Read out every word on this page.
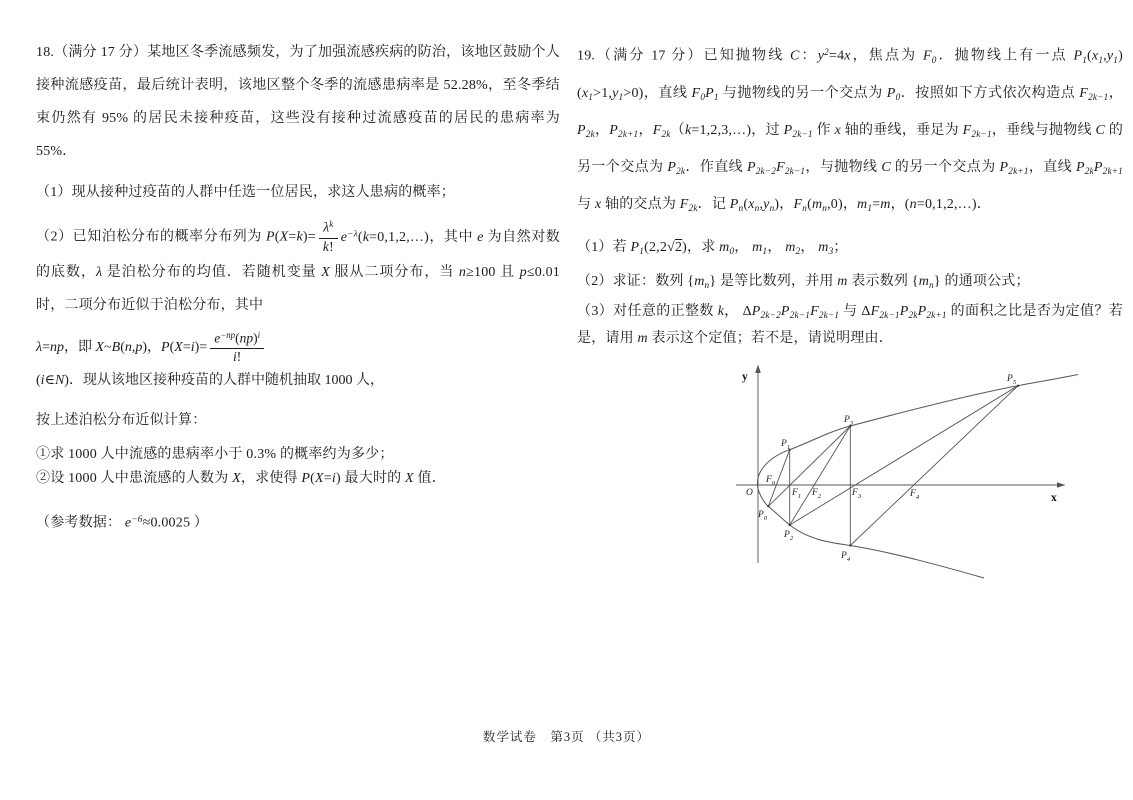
18.（满分 17 分）某地区冬季流感频发，为了加强流感疾病的防治，该地区鼓励个人接种流感疫苗，最后统计表明，该地区整个冬季的流感患病率是 52.28%，至冬季结束仍然有 95% 的居民未接种疫苗，这些没有接种过流感疫苗的居民的患病率为 55%．

（1）现从接种过疫苗的人群中任选一位居民，求这人患病的概率；

（2）已知泊松分布的概率分布列为 $P(X=k)= \frac{\lambda^k}{k!}$ $e^{-\lambda}(k=0,1,2,\dots)$，其中 e 为自然对数的底数，λ 是泊松分布的均值．若随机变量 X 服从二项分布，当 n≥100 且 p≤0.01时，二项分布近似于泊松分布，其中

λ=np，即 X~B(n,p)，$P(X=i)= \frac{e^{-np}(np)^i}{i!}$
(i∈N)．现从该地区接种疫苗的人群中随机抽取 1000 人，

按上述泊松分布近似计算：

①求 1000 人中流感的患病率小于 0.3% 的概率约为多少；

②设 1000 人中患流感的人数为 X，求使得 P(X=i) 最大时的 X 值．

（参考数据： $e^{-6}\approx 0.0025$ ）

19.（满分 17 分）已知抛物线 C：$y^2=4x$，焦点为 $F_0$．抛物线上有一点 $P_1(x_1,y_1)(x_1>1,y_1>0)$，直线 $F_0P_1$ 与抛物线的另一个交点为 $P_0$．按照如下方式依次构造点 $F_{2k-1}$，$P_{2k}$，$P_{2k+1}$，$F_{2k}(k=1,2,3,\dots)$，过 $P_{2k-1}$ 作 x 轴的垂线，垂足为 $F_{2k-1}$，垂线与抛物线 C 的另一个交点为 $P_{2k}$．作直线 $P_{2k-2}F_{2k-1}$，与抛物线 C 的另一个交点为 $P_{2k+1}$，直线 $P_{2k}P_{2k+1}$ 与 x 轴的交点为 $F_{2k}$．记 $P_n(x_n,y_n)$，$F_n(m_n,0)$，$m_1=m$，(n=0,1,2,…)．

（1）若 $P_1(2,2√2)$，求 $m_0$， $m_1$， $m_2$， $m_3$；

（2）求证：数列 $\{m_n\}$ 是等比数列，并用 m 表示数列 $\{m_n\}$ 的通项公式；

（3）对任意的正整数 k， $\Delta P_{2k-2}P_{2k-1}F_{2k-1}$ 与 $\Delta F_{2k-1}P_{2k}P_{2k+1}$ 的面积之比是否为定值？若是，请用 m 表示这个定值；若不是，请说明理由．

y
x
O
$F_0$
$F_1$ $F_2$	$F_3$	$F_4$
$P_0$
$P_1$
$P_2$
$P_3$
$P_4$
$P_5$
数学试卷　第3页 （共3页）
